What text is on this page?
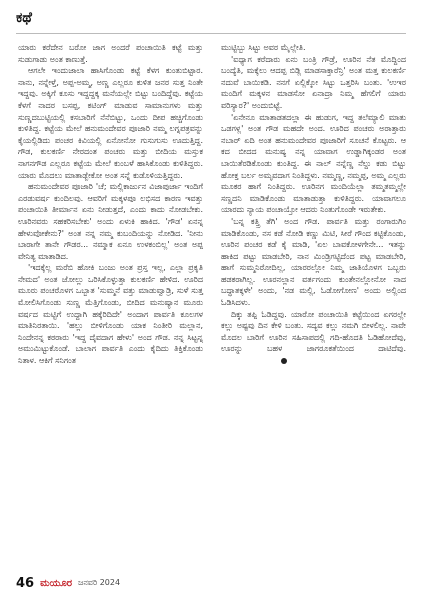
ಕಥೆ

ಯಾರು ಕರೆದೇನ ಬರೋ ಜಾಗ ಅಂದರೆ ಪಂಚಾಯಿತಿ ಕಟ್ಟೆ ಮತ್ತು ಸುಡುಗಾಡು ಅಂತ ಕಾಣುತ್ತೆ.

ಆಗಲೇ ಇಂದುಜಾಲಾ ಹಾಸಿಗೊಂಡು ಕಟ್ಟೆ ಕೆಳಗ ಕುಂತುಬಿಟ್ಟಾರ. ನಾನು, ನನ್ನೇಳ್ತೆ, ಅಪ್ಪ-ಅಮ್ಮ, ಅಣ್ಣ ಎಲ್ಲರೂ ಕುಳಿತ ಜನರ ಸುತ್ತ ನಿಂತೇ ಇದ್ದವು. ಅಕ್ಕಿಗೆ ಕೂಸು ಇದ್ದದ್ದಕ್ಕ ಮನೆಯಲ್ಲೇ ಬಿಟ್ಟು ಬಂದಿದ್ದೆವು. ಕಟ್ಟೆಯ ಕೆಳಗೆ ನಾದರ ಬಸಪ್ಪ, ಕಟಿಂಗ್ ಮಾಡುವ ಸಾಮಾನುಗಳು ಮತ್ತು ಸುಣ್ಣದಬುಟ್ಟಿಯಲ್ಲಿ ಕಸಬಾರಿಗೆ ನೆನೆಬಿಟ್ಟು, ಒಂದು ದೀಪ ಹಚ್ಚಿಗೊಂಡು ಕುಳಿತಿದ್ದ. ಕಟ್ಟೆಯ ಮೇಲೆ ಹನುಮಂದೇವರ ಪೂಜಾರಿ ನಮ್ಮ ಲಗ್ನಪತ್ರವನ್ನು ಕೈಯಲ್ಲಿಡಿದು ಪಂಚರ ಕಿವಿಯಲ್ಲಿ ಏನೋನೋ ಗುಸುಗುಸು ಊದುತ್ತಿದ್ದ. ಗೌಡ, ಕುಲಕರ್ಣಿ ನೇರದಂತ ಪಂಚರು ಮತ್ತು ಬೀದಿಯ ಮಸ್ತುಕ ನಾಗನಗೌಡ ಎಲ್ಲರೂ ಕಟ್ಟೆಯ ಮೇಲೆ ಕುಂಬಳೆ ಹಾಸಿಕೊಂಡು ಕುಳಿತಿದ್ದರು. ಯಾರು ಮೊದಲು ಮಾತಾಡ್ಬೇಕೋ ಅಂತ ಸನ್ನೆ ಕುಡೊಳಿಯತ್ತಿದ್ದರು.

ಹನುಮಂದೇವರ ಪೂಜಾರಿ 'ಚೆ; ಮಲ್ಲಿಕಾರ್ಜುನ ವಿಜಾಪುರ್ಜಾ ಇಂದಿಗೆ ಎರಡುವರ್ಷ ಕುಂದಿಲವು. ಆವರಿಗೆ ಮಕ್ಕಳಪೂ ಲಭಿಸದ ಕಾರಣ ಇವತ್ತು ಪಂಚಾಯಿತಿ ತೀರ್ಮಾನ ಏನು ನೀಡುತ್ತದೆ, ಎಂದು ಕಾದು ನೋಡಬೇಕು. ಊರಿನವರು ಸಹಕರಿಸಬೇಕು' ಅಂದು ಏಳುಕಿ ಹಾಕಿದ. 'ಗೌಡ' ಏನನ್ನ ಹೇಳುವೋಕೇನು?' ಅಂತ ನನ್ನ ನಮ್ಮ ಕುಬಂದಿಯನ್ನು ನೋಡಿದ. 'ನೀನು ಬಾರಾಗೇ ತಾನೇ ಗೌಡರ... ನಮ್ಮಾಕ ಏನೂ ಉಳಕಂಬಿಲ್ಲ' ಅಂತ ಅಪ್ಪ ವೇನಿತ್ಯ ಮಾತಾಡಿದ.

'ಇದಕ್ಕೆಲ್ಲ ಮರೆಬಿ ಹೋಕಿ ಬಂಜು ಅಂತ ಪ್ರಸ್ತ ಇಲ್ಲ, ಎಲ್ಲಾ ಪ್ರಕೃತಿ ನೇಮದ' ಅಂತ ಜೋಲ್ಲು ಒರಿಸಿಕೊಳ್ಳುತ್ತಾ ಕುಲಕರ್ಣಿ ಹೇಳಿದ. ಊರಿದ ಮೂರು ಪಂಚರೊಳಗ ಒಬ್ಬಾತ 'ಸುಮ್ಮನೆ ವತ್ತು ಮಾಡುವ್ವಾಡ್ರಿ, ಸುಳೆ ಸುತ್ತ ಮೋಲಿಸಿಗೊಂಡು ಸುಣ್ಣ ಮೆತ್ತಿಗೊಂಡು, ಬೀದಿದ ಮನುಷ್ಯಾನ ಮೂರು ವರ್ಷದ ಮಟ್ಟಿಗೆ ಉದ್ದಾಗಿ ಹಕ್ಕೆರಿದಿದೇ' ಅಂದಾಗ ಪಾರ್ವತಿ ಕೂಲಗಳ ಮಾತಿನಿರತಾಯಿ. 'ಹಲ್ಲು ಬೀಳಿಗೊಂಡು ಯಾಕ ನಿಂತೀರಿ ಮಲ್ಲಾನ, ನಿಂದೇನನ್ನ ಕಠರಾರು 'ಇದ್ದ ದೈವದಾಗ ಹೇಳು' ಅಂದ ಗೌಡ. ನನ್ನ ಸಿಟ್ಟನ್ನ ಅಮುಮಿಟ್ಟುಕೊಂಡೆ. ಬಾಲಾಗ ಪಾರ್ವತಿ ಎಂದು ಕೈದಿದು ತಿಕ್ತಿಕೊಂಡು ನಿತಾಳ. ಆಕಿಗೆ ಸನಿಗಂತ

ಮುಟ್ಟಿಬ್ಬು ಸಿಟ್ಟು ಅವರ ಮೈಲ್ಲೇತಿ.

'ಐಧ್ಯಾಗ ಕರೆದಾರು ಏನು ಬಂತ್ರಿ ಗೌಡ್ರೆ, ಊರಿನ ನೆತ ಮೊದ್ದಿಂದ ಬಂದ್ಯೆತಿ, ಮಕ್ಕೆಲು ಆದಪ್ಪ ಬಿಡ್ಲಿ ಮಾಡಸಾಕ್ತಾರೆನ್ರಿ' ಅಂತ ಮತ್ತ ಕುಲಕರ್ಣಿ ನದುವೆ ಬಾಯಿಕಡಿ. ನನಗೆ ಏಲ್ಲಿಕ್ಕೋ ಸಿಟ್ಟು ಒತ್ತರಿಸಿ ಬಂತು. 'ಉಇರ ಮಂದಿಗೆ ಮಕ್ಕಳನ ಮಾಡಸೋ ಏನಾದ್ರಾ ನಿಮ್ಮ ಹೆಗಲಿಗೆ ಯಾರು ವರಿಸ್ಯಾರ?' ಅಂದುಬಿಟ್ಟೆ.

'ಏನೇನೂ ಮಾತಾಡತದಲ್ಲಾ ಈ ಹುಡುಗ, ಇದ್ದ ತಲೆಮ್ಯಾಲಿ ಮಾತು ಒಡಗಳ್ಲ' ಅಂತ ಗೌಡ ಮಹದೇ ಅಂದ. ಊರಿದ ಪಂಚರು ಅರಾತ್ತಾರು ನಬಾರ್ ಏದಿ ಅಂತ ಹನುಮಂದೇವರ ಪೂಜಾರಿಗೆ ಸೂಚನೆ ಕೊಟ್ಟರು. ಆ ಕದ ಬೀದದ ಮನುಷ್ಯ ನನ್ನ ಯಾವಾಗ ಉಡ್ಡಾಗಿಕ್ಕಂಡರ ಅಂತ ಬಾಯಿತೆರಡಿಕೊಂಡು ಕುಂತಿದ್ದ. ಈ ನಾಲ್ ನನ್ನೆಣ್ಣ ನೆಲ್ದು ಕಡು ಬಿಟ್ಟು ಹೋಕ್ತ ಬರ್ಲ ಅಮೃವದಾಗ ನಿಂತಿದ್ದಳು. ನಮ್ಮಣ್ಣ, ನಮ್ಮಪ್ಪ, ಅಮ್ಮ ಎಲ್ಲರು ಮೂಕರ ಹಾಗೆ ನಿಂತಿದ್ದರು. ಊರಿನಗ ಮಂದಿಯೆಲ್ಲಾ ತಮ್ಮತಮ್ಮಲ್ಲೇ ಸಣ್ಣದನಿ ಮಾಡಿಕೊಂಡು ಮಾತಾಡುತ್ತಾ ಕುಳಿತಿದ್ದರು. ಯಾವಾಗಲೂ ಯಾರದು ನ್ಯಾಯ ಪಂಚಾಯ್ತೋ ಆದರು ನಿಂತುಗೊಂಡೇ ಇರುತೇಕು.

'ಬನ್ನ ಕತ್ತ್ರಿ ತೆಗಿ' ಅಂದ ಗೌಡ. ಪಾರ್ವತಿ ಮತ್ತು ರಂಗಾರುಗಿಂ ಮಾಡಿಕೊಂಡು, ನಸ ಕಡೆ ನೋಡಿ ಕಣ್ಣು ಮಿಟಿ, ಸೀರೆ ಗೌಂದ ಕಟ್ಟಿಕೊಂಡು, ಊರಿನ ಪಂಚರ ಕಡೆ ಕೈ ಮಾಡಿ, 'ಏಲ ಬಾವಕೋಳಗೇನೇ... ಇತನ್ನು ಹಾಕಿದ ಪಟ್ಟು ಮಾಡಬೇರಿ, ನಾನ ಮಿಂಡ್ರಿಗಟ್ಟಿದೆಂದ ಪಟ್ಟ ಮಾಡಬೇರಿ, ಹಾಗೆ ಸುಮ್ಮನಿರೋದಿಲ್ಲ, ಯಾರರಲ್ಲೋ ನಿಮ್ಮ ಜಾತಿಯೊಳಗ ಒಬ್ಬರು ಹಡಕರಾಗಿಲ್ಲ. ಊರನಲ್ಲಾನ ವರ್ತಗಂದು ಕುಂತೇನಲ್ಲೋನೋ ನಾದ ಬದ್ಧಾತಕ್ಕಳೇ' ಅಂದು, 'ನಡ ಮಲ್ಲಿ, ಓಡೋಗೋಣ' ಅಂದು ಅಲ್ಲಿಂದ ಓಡಿಸಿದಳು.

ದಿಕ್ಕು ತಪ್ಪಿ ಓಡಿದ್ದವು. ಯಾರೋ ಪಂಚಾಯಿತಿ ಕಟ್ಟೆಯಿಂದ ಏಗರಲ್ಲೇ ಕಲ್ಲು ಅಷ್ಟವು ದಿನ ಕೇಳಿ ಬಂತು. ಸದ್ಯವ ಕಲ್ಲು ನಮಗಿ ಬೀಳಲಿಲ್ಲ. ನಾವೇ ಮೊದಲ ಬಾರಿಗೆ ಊರಿನ ಸಹಿಸಾಪದಲ್ಲಿ ಗದಿ-ಹೊದತಿ ಓಡಿಹೋದೆವು, ಊರನ್ನು ಬಹಳ ಜಾಗರೂಕತೆಯಿಂದ ದಾಟಿದೆವು.

46 ಮಯೂರ ಜನವರಿ 2024
